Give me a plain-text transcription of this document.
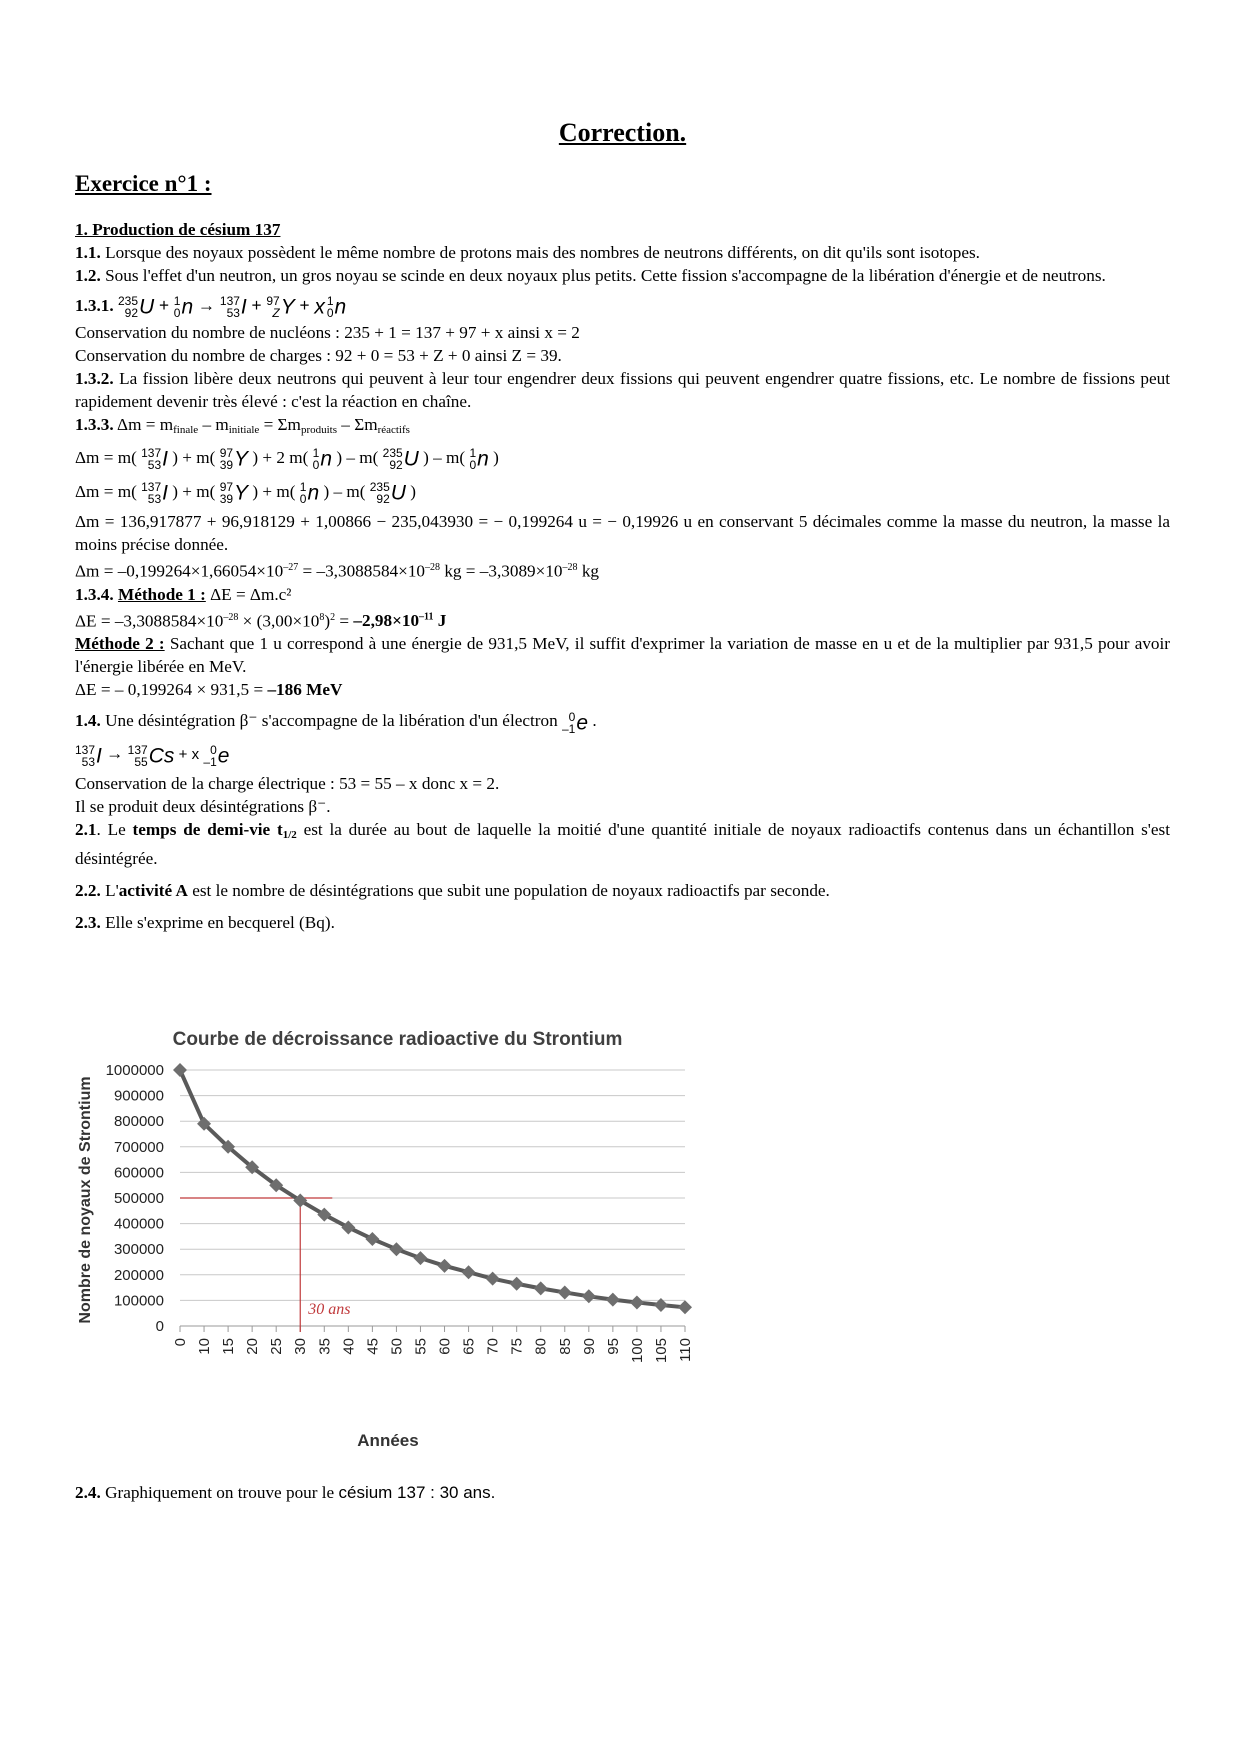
Correction.
Exercice n°1 :

1. Production de césium 137

1.1. Lorsque des noyaux possèdent le même nombre de protons mais des nombres de neutrons différents, on dit qu'ils sont isotopes.

1.2. Sous l'effet d'un neutron, un gros noyau se scinde en deux noyaux plus petits. Cette fission s'accompagne de la libération d'énergie et de neutrons.

1.3.1. 235
92 U + 1
0 n → 137
53 I + 97
Z Y + x 1
0 n

Conservation du nombre de nucléons : 235 + 1 = 137 + 97 + x ainsi x = 2

Conservation du nombre de charges : 92 + 0 = 53 + Z + 0 ainsi Z = 39.

1.3.2. La fission libère deux neutrons qui peuvent à leur tour engendrer deux fissions qui peuvent engendrer quatre fissions, etc. Le nombre de fissions peut rapidement devenir très élevé : c'est la réaction en chaîne.

1.3.3. Δm = mfinale – minitiale = Σmproduits – Σmréactifs

Δm = m( 137
53 I ) + m( 97
39 Y ) + 2 m( 1
0 n ) – m( 235
92 U ) – m( 1
0 n )

Δm = m( 137
53 I ) + m( 97
39 Y ) + m( 1
0 n ) – m( 235
92 U )

Δm = 136,917877 + 96,918129 + 1,00866 − 235,043930 = − 0,199264 u = − 0,19926 u en conservant 5 décimales comme la masse du neutron, la masse la moins précise donnée.

$\Delta m = -0,199264\times 1,66054\times 10^{-27} = -3,3088584\times 10^{-28}$ kg = $-3,3089\times 10^{-28}$ kg

1.3.4. Méthode 1 : ΔE = Δm.c²

$\Delta E = -3,3088584\times 10^{-28} \times (3,00\times 10^8)^2 = -2,98\times 10^{-11}$ J

Méthode 2 : Sachant que 1 u correspond à une énergie de 931,5 MeV, il suffit d'exprimer la variation de masse en u et de la multiplier par 931,5 pour avoir l'énergie libérée en MeV.

ΔE = – 0,199264 × 931,5 = –186 MeV

1.4. Une désintégration β⁻ s'accompagne de la libération d'un électron 0
–1 e .

137
53 I → 137
55 Cs + x 0
–1 e

Conservation de la charge électrique : 53 = 55 – x donc x = 2.

Il se produit deux désintégrations β⁻.

2.1. Le temps de demi-vie t1/2 est la durée au bout de laquelle la moitié d'une quantité initiale de noyaux radioactifs contenus dans un échantillon s'est désintégrée.

2.2. L'activité A est le nombre de désintégrations que subit une population de noyaux radioactifs par seconde.

2.3. Elle s'exprime en becquerel (Bq).

2.4. Graphiquement on trouve pour le césium 137 : 30 ans.

Courbe de décroissance radioactive du Strontium
0
100000
200000
300000
400000
500000
600000
700000
800000
900000
1000000
0 10 15 20 25 30 35 40 45 50 55 60 65 70 75 80 85 90 95 100 105 110
30 ans
Années
Nombre de noyaux de Strontium
